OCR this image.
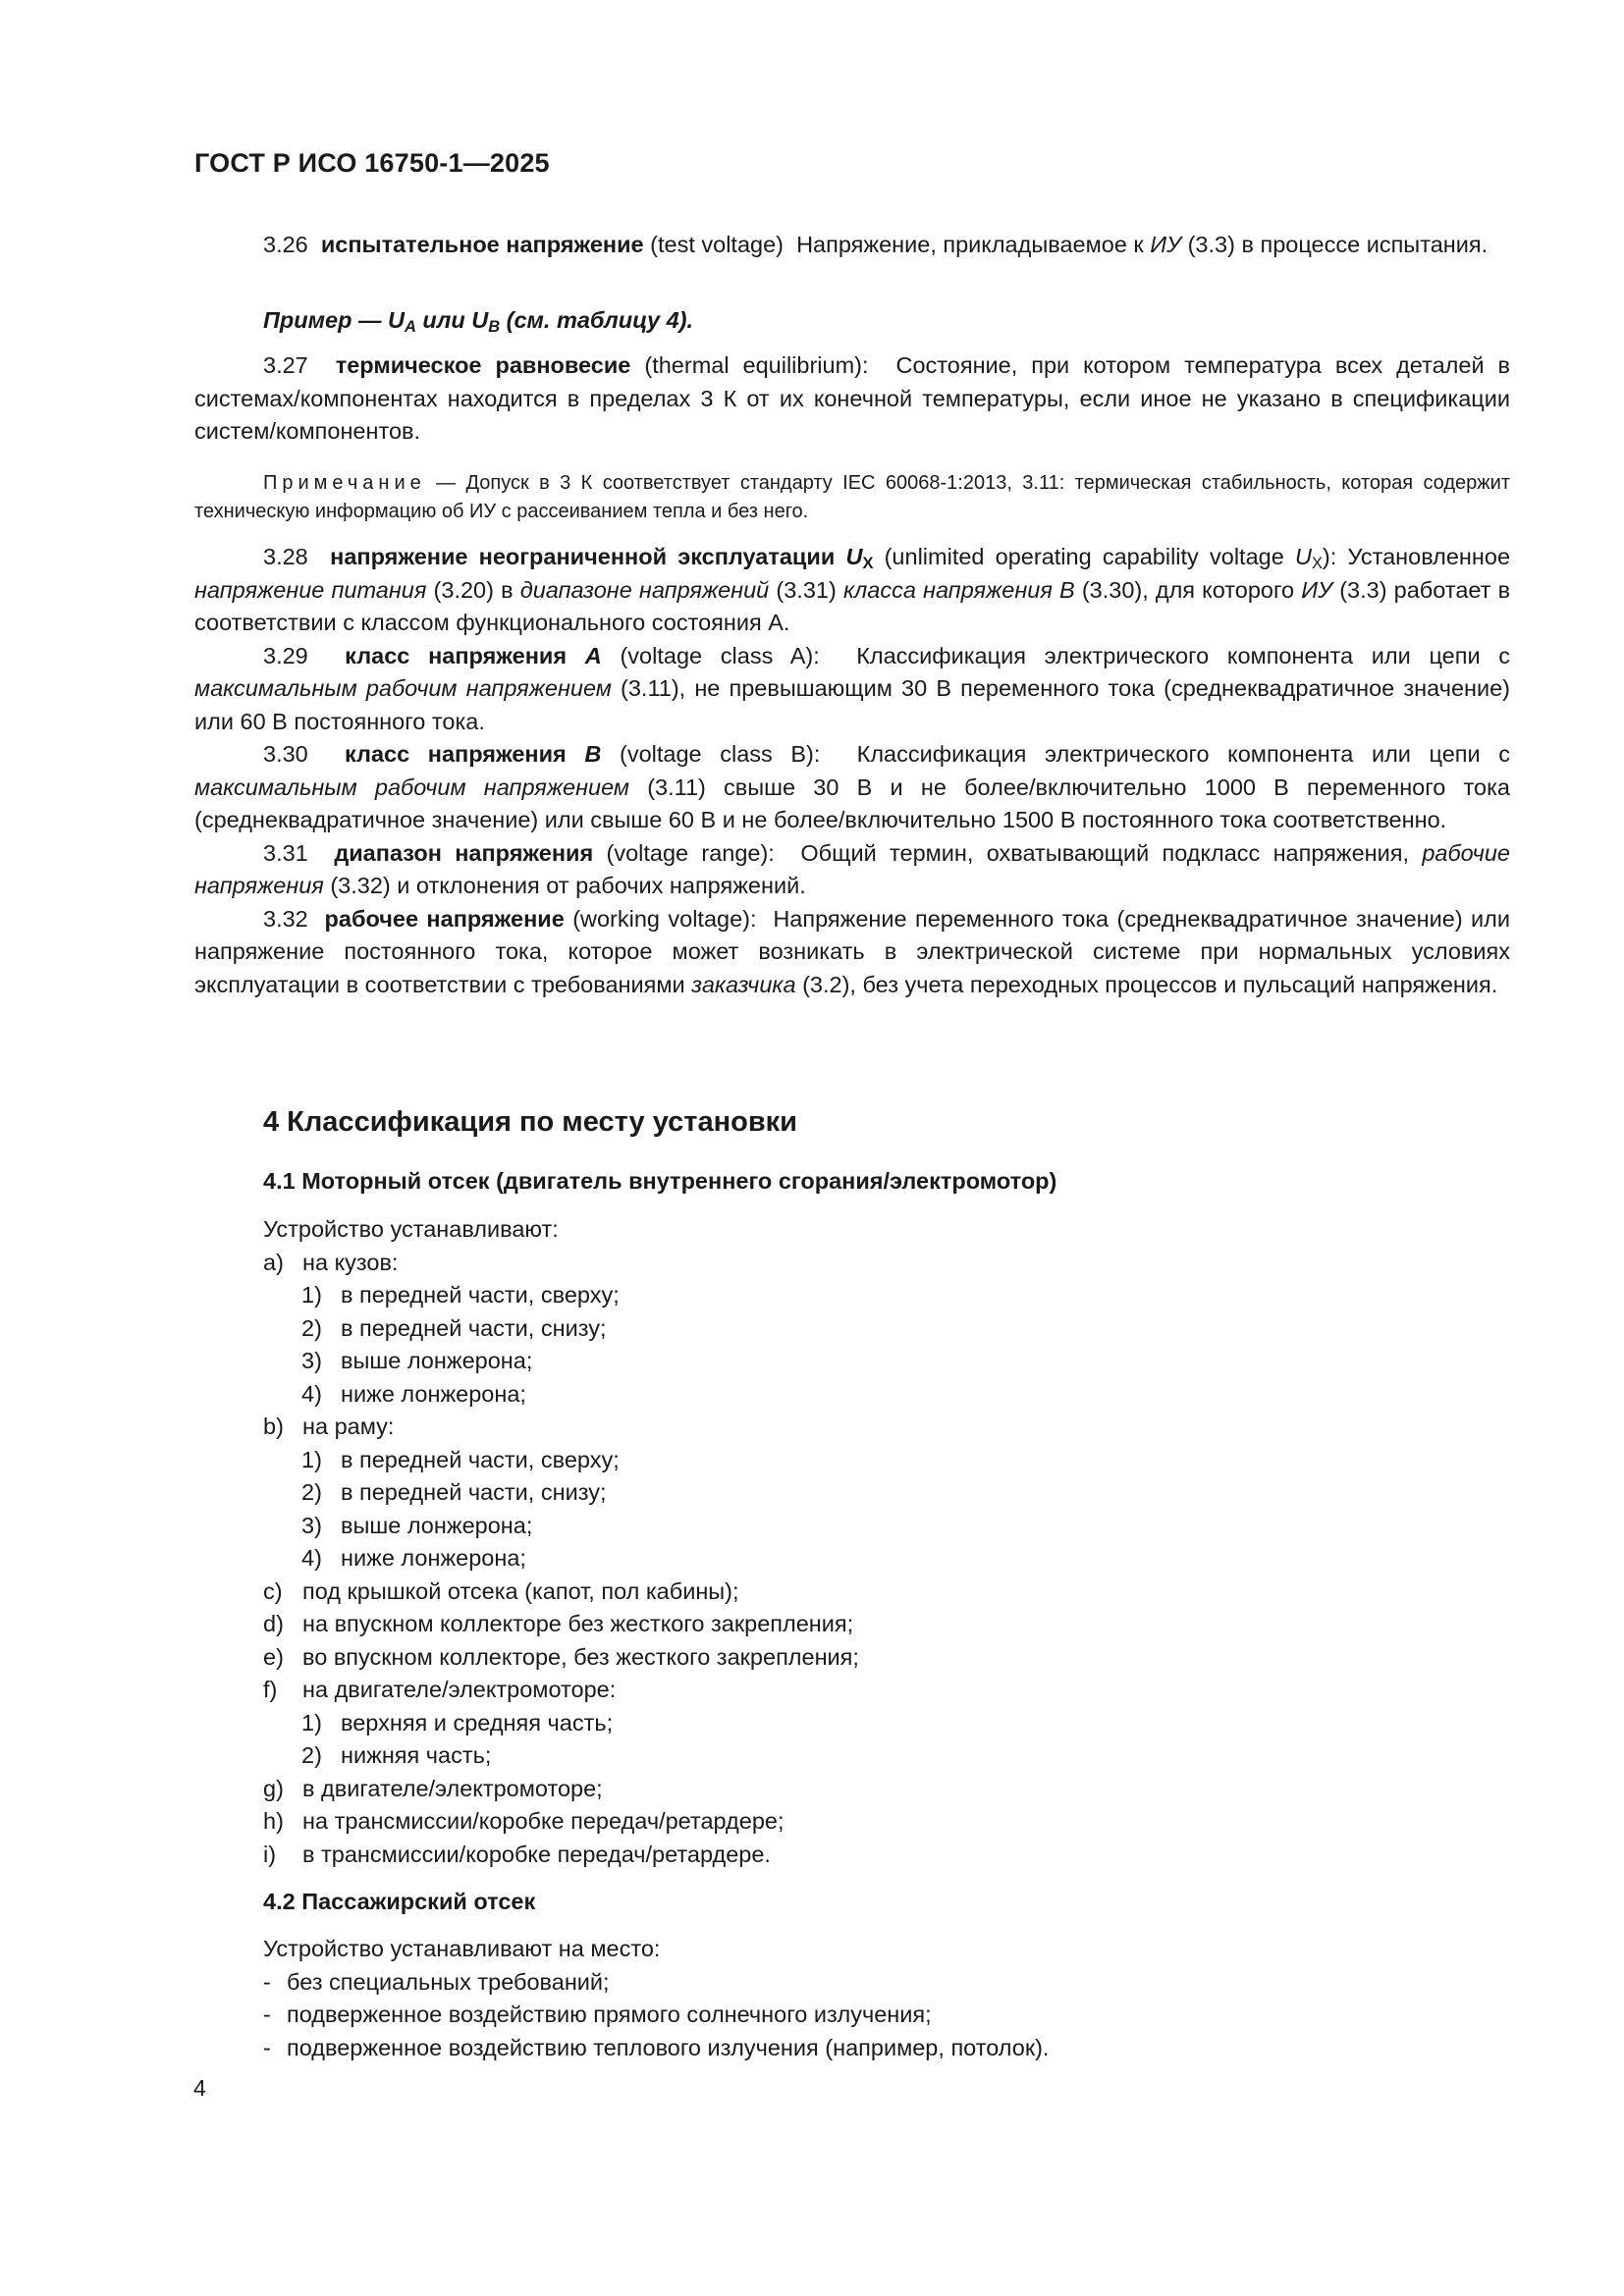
ГОСТ Р ИСО 16750-1—2025

3.26 испытательное напряжение (test voltage) Напряжение, прикладываемое к ИУ (3.3) в процессе испытания.

Пример — $U_A$ или $U_B$ (см. таблицу 4).

3.27 термическое равновесие (thermal equilibrium): Состояние, при котором температура всех деталей в системах/компонентах находится в пределах 3 К от их конечной температуры, если иное не указано в спецификации систем/компонентов.

Примечание — Допуск в 3 К соответствует стандарту IEC 60068-1:2013, 3.11: термическая стабильность, которая содержит техническую информацию об ИУ с рассеиванием тепла и без него.

3.28 напряжение неограниченной эксплуатации $U_X$ (unlimited operating capability voltage $U_X$): Установленное напряжение питания (3.20) в диапазоне напряжений (3.31) класса напряжения B (3.30), для которого ИУ (3.3) работает в соответствии с классом функционального состояния А.

3.29 класс напряжения A (voltage class A): Классификация электрического компонента или цепи с максимальным рабочим напряжением (3.11), не превышающим 30 В переменного тока (среднеквадратичное значение) или 60 В постоянного тока.

3.30 класс напряжения B (voltage class B): Классификация электрического компонента или цепи с максимальным рабочим напряжением (3.11) свыше 30 В и не более/включительно 1000 В переменного тока (среднеквадратичное значение) или свыше 60 В и не более/включительно 1500 В постоянного тока соответственно.

3.31 диапазон напряжения (voltage range): Общий термин, охватывающий подкласс напряжения, рабочие напряжения (3.32) и отклонения от рабочих напряжений.

3.32 рабочее напряжение (working voltage): Напряжение переменного тока (среднеквадратичное значение) или напряжение постоянного тока, которое может возникать в электрической системе при нормальных условиях эксплуатации в соответствии с требованиями заказчика (3.2), без учета переходных процессов и пульсаций напряжения.

4 Классификация по месту установки
4.1 Моторный отсек (двигатель внутреннего сгорания/электромотор)
Устройство устанавливают:
a) на кузов:
1) в передней части, сверху;
2) в передней части, снизу;
3) выше лонжерона;
4) ниже лонжерона;
b) на раму:
1) в передней части, сверху;
2) в передней части, снизу;
3) выше лонжерона;
4) ниже лонжерона;
c) под крышкой отсека (капот, пол кабины);
d) на впускном коллекторе без жесткого закрепления;
e) во впускном коллекторе, без жесткого закрепления;
f) на двигателе/электромоторе:
1) верхняя и средняя часть;
2) нижняя часть;
g) в двигателе/электромоторе;
h) на трансмиссии/коробке передач/ретардере;
i) в трансмиссии/коробке передач/ретардере.
4.2 Пассажирский отсек
Устройство устанавливают на место:
- без специальных требований;
- подверженное воздействию прямого солнечного излучения;
- подверженное воздействию теплового излучения (например, потолок).
4
